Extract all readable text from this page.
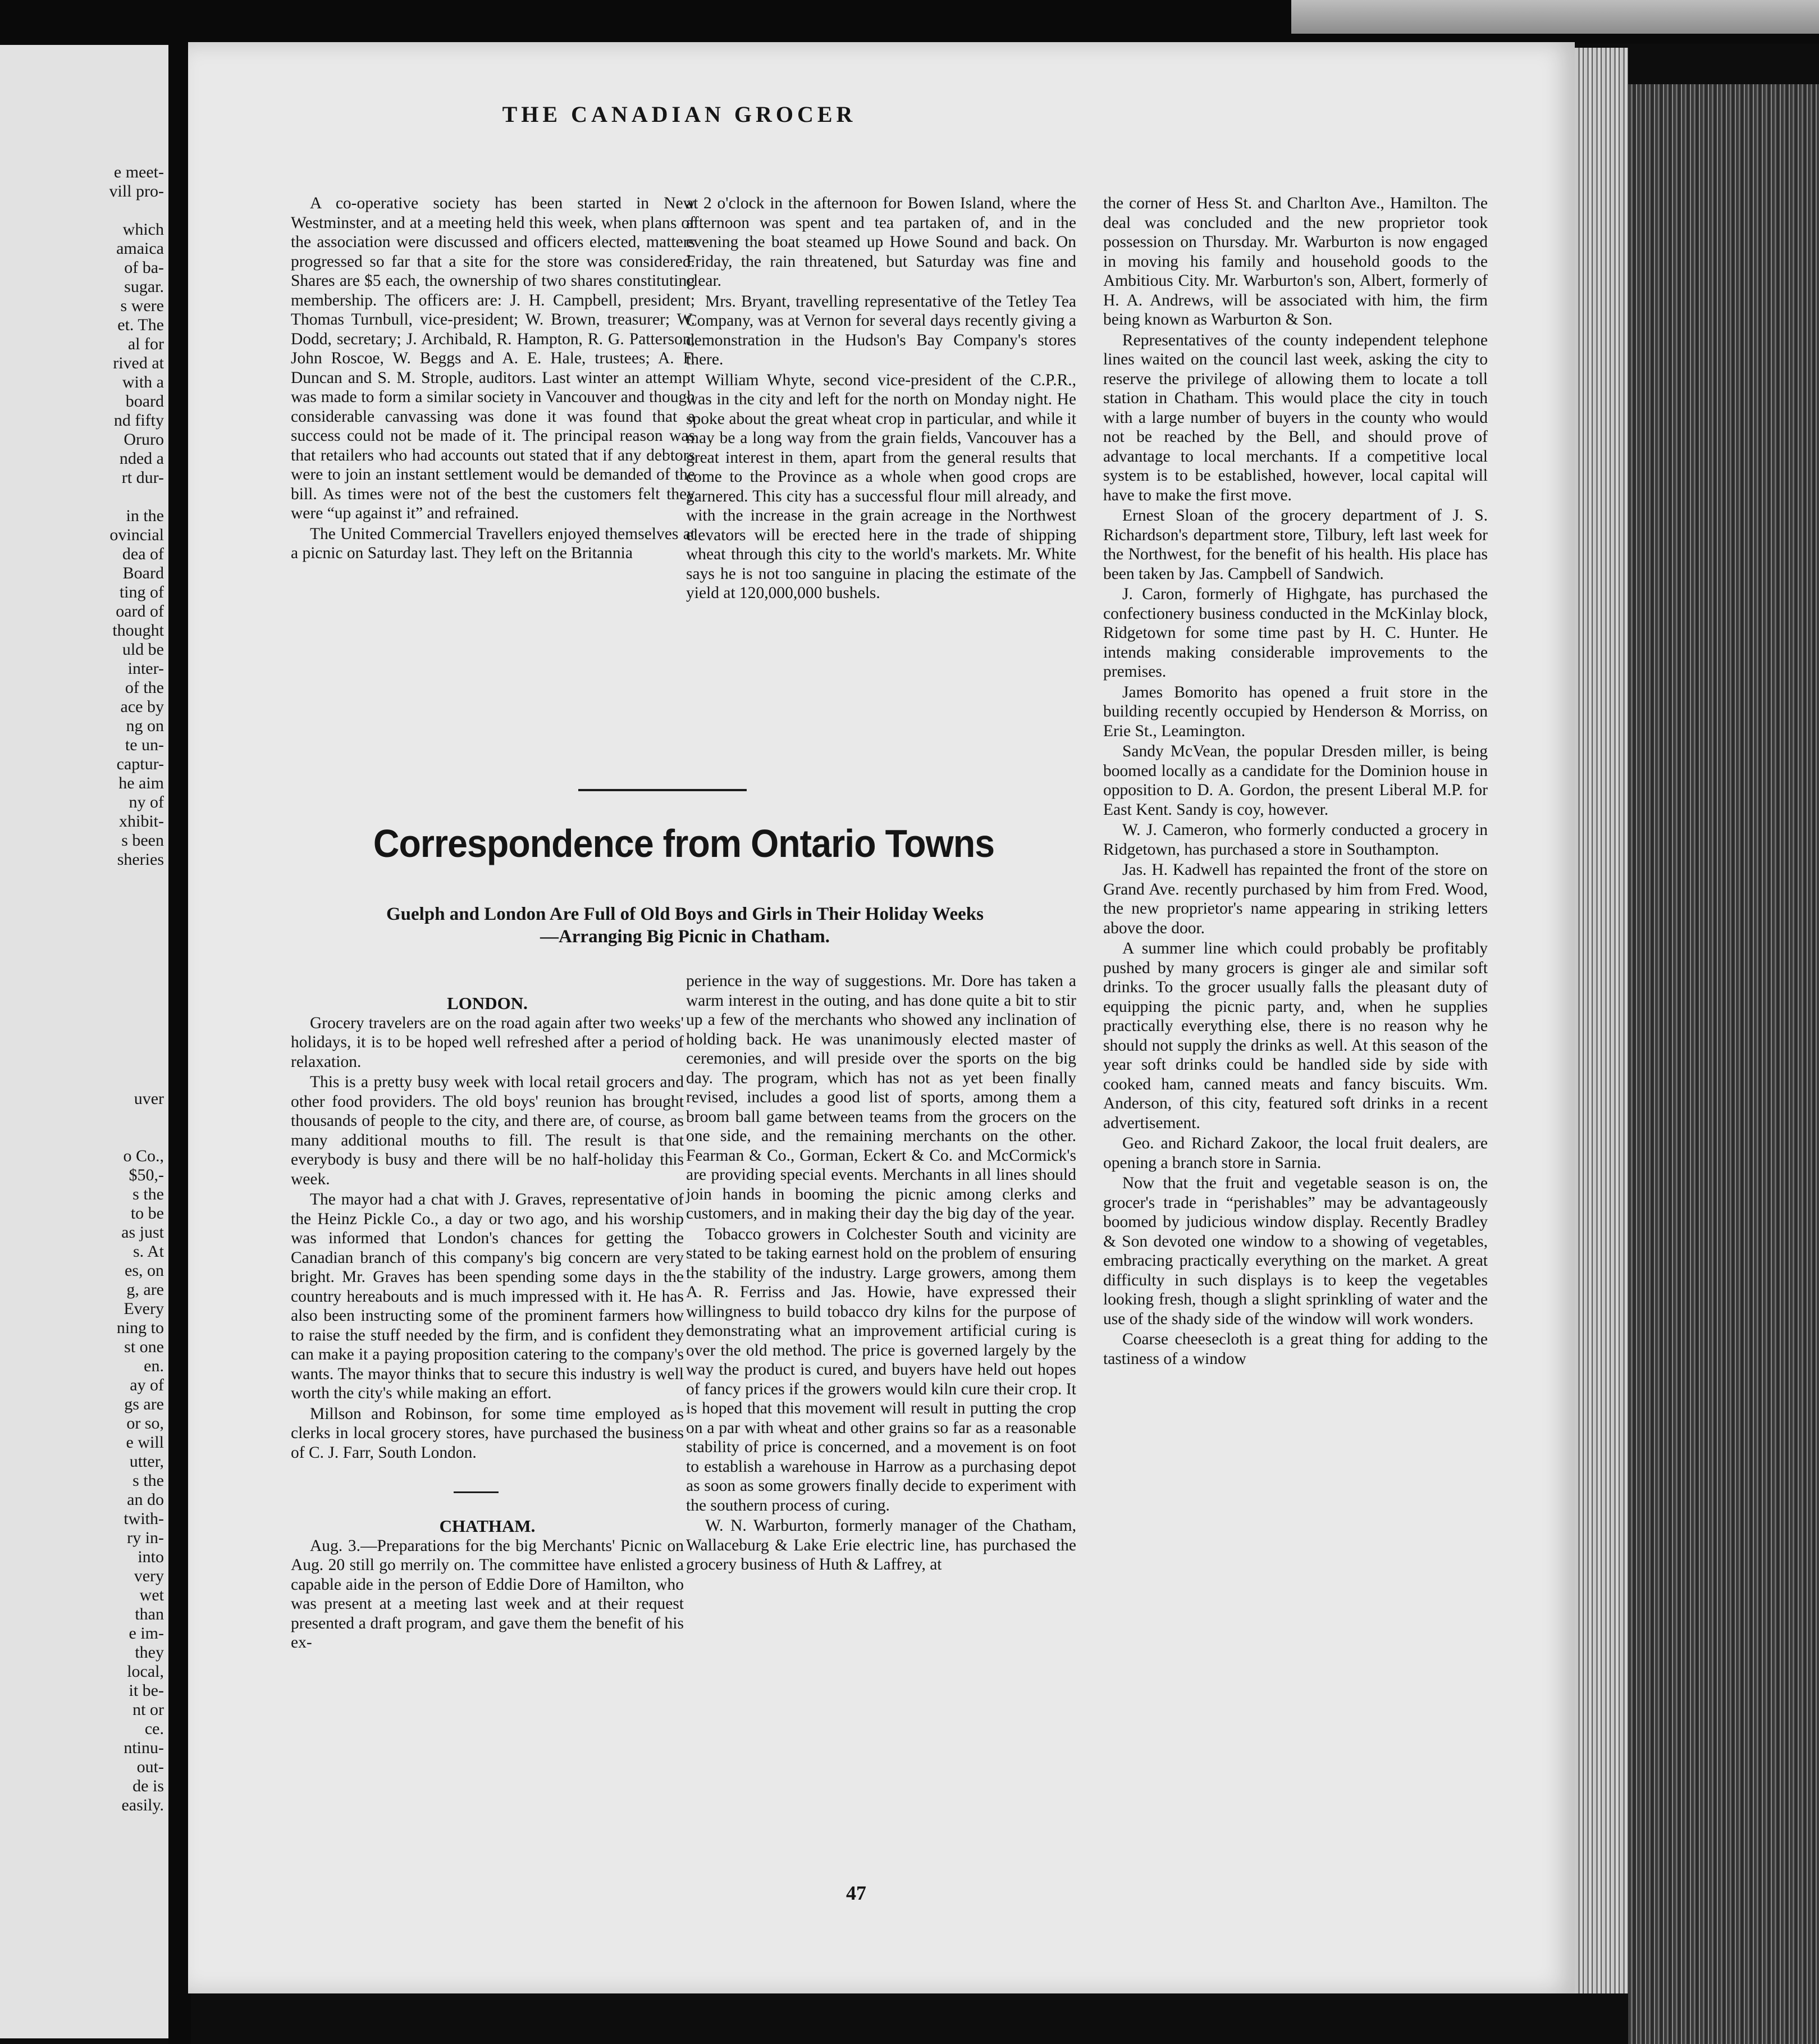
e meet-
vill pro-
which
amaica
of ba-
sugar.
s were
et. The
al for
rived at
with a
board
nd fifty
Oruro
nded a
rt dur-
in the
ovincial
dea of
Board
ting of
oard of
thought
uld be
inter-
of the
ace by
ng on
te un-
captur-
he aim
ny of
xhibit-
s been
sheries
uver
o Co.,
$50,-
s the
to be
as just
s. At
es, on
g, are
Every
ning to
st one
en.
ay of
gs are
or so,
e will
utter,
s the
an do
twith-
ry in-
into
very
wet
than
e im-
they
local,
it be-
nt or
ce.
ntinu-
out-
de is
easily.
THE CANADIAN GROCER

A co-operative society has been started in New Westminster, and at a meeting held this week, when plans of the association were discussed and officers elected, matters progressed so far that a site for the store was considered. Shares are $5 each, the ownership of two shares constituting membership. The officers are: J. H. Campbell, president; Thomas Turnbull, vice-president; W. Brown, treasurer; W. Dodd, secretary; J. Archibald, R. Hampton, R. G. Patterson, John Roscoe, W. Beggs and A. E. Hale, trustees; A. F. Duncan and S. M. Strople, auditors. Last winter an attempt was made to form a similar society in Vancouver and though considerable canvassing was done it was found that a success could not be made of it. The principal reason was that retailers who had accounts out stated that if any debtors were to join an instant settlement would be demanded of the bill. As times were not of the best the customers felt they were “up against it” and refrained.

The United Commercial Travellers enjoyed themselves at a picnic on Saturday last. They left on the Britannia

at 2 o'clock in the afternoon for Bowen Island, where the afternoon was spent and tea partaken of, and in the evening the boat steamed up Howe Sound and back. On Friday, the rain threatened, but Saturday was fine and clear.

Mrs. Bryant, travelling representative of the Tetley Tea Company, was at Vernon for several days recently giving a demonstration in the Hudson's Bay Company's stores there.

William Whyte, second vice-president of the C.P.R., was in the city and left for the north on Monday night. He spoke about the great wheat crop in particular, and while it may be a long way from the grain fields, Vancouver has a great interest in them, apart from the general results that come to the Province as a whole when good crops are garnered. This city has a successful flour mill already, and with the increase in the grain acreage in the Northwest elevators will be erected here in the trade of shipping wheat through this city to the world's markets. Mr. White says he is not too sanguine in placing the estimate of the yield at 120,000,000 bushels.

the corner of Hess St. and Charlton Ave., Hamilton. The deal was concluded and the new proprietor took possession on Thursday. Mr. Warburton is now engaged in moving his family and household goods to the Ambitious City. Mr. Warburton's son, Albert, formerly of H. A. Andrews, will be associated with him, the firm being known as Warburton & Son.

Representatives of the county independent telephone lines waited on the council last week, asking the city to reserve the privilege of allowing them to locate a toll station in Chatham. This would place the city in touch with a large number of buyers in the county who would not be reached by the Bell, and should prove of advantage to local merchants. If a competitive local system is to be established, however, local capital will have to make the first move.

Ernest Sloan of the grocery department of J. S. Richardson's department store, Tilbury, left last week for the Northwest, for the benefit of his health. His place has been taken by Jas. Campbell of Sandwich.

J. Caron, formerly of Highgate, has purchased the confectionery business conducted in the McKinlay block, Ridgetown for some time past by H. C. Hunter. He intends making considerable improvements to the premises.

James Bomorito has opened a fruit store in the building recently occupied by Henderson & Morriss, on Erie St., Leamington.

Sandy McVean, the popular Dresden miller, is being boomed locally as a candidate for the Dominion house in opposition to D. A. Gordon, the present Liberal M.P. for East Kent. Sandy is coy, however.

W. J. Cameron, who formerly conducted a grocery in Ridgetown, has purchased a store in Southampton.

Jas. H. Kadwell has repainted the front of the store on Grand Ave. recently purchased by him from Fred. Wood, the new proprietor's name appearing in striking letters above the door.

A summer line which could probably be profitably pushed by many grocers is ginger ale and similar soft drinks. To the grocer usually falls the pleasant duty of equipping the picnic party, and, when he supplies practically everything else, there is no reason why he should not supply the drinks as well. At this season of the year soft drinks could be handled side by side with cooked ham, canned meats and fancy biscuits. Wm. Anderson, of this city, featured soft drinks in a recent advertisement.

Geo. and Richard Zakoor, the local fruit dealers, are opening a branch store in Sarnia.

Now that the fruit and vegetable season is on, the grocer's trade in “perishables” may be advantageously boomed by judicious window display. Recently Bradley & Son devoted one window to a showing of vegetables, embracing practically everything on the market. A great difficulty in such displays is to keep the vegetables looking fresh, though a slight sprinkling of water and the use of the shady side of the window will work wonders.

Coarse cheesecloth is a great thing for adding to the tastiness of a window

Correspondence from Ontario Towns
Guelph and London Are Full of Old Boys and Girls in Their Holiday Weeks
—Arranging Big Picnic in Chatham.

LONDON.

Grocery travelers are on the road again after two weeks' holidays, it is to be hoped well refreshed after a period of relaxation.

This is a pretty busy week with local retail grocers and other food providers. The old boys' reunion has brought thousands of people to the city, and there are, of course, as many additional mouths to fill. The result is that everybody is busy and there will be no half-holiday this week.

The mayor had a chat with J. Graves, representative of the Heinz Pickle Co., a day or two ago, and his worship was informed that London's chances for getting the Canadian branch of this company's big concern are very bright. Mr. Graves has been spending some days in the country hereabouts and is much impressed with it. He has also been instructing some of the prominent farmers how to raise the stuff needed by the firm, and is confident they can make it a paying proposition catering to the company's wants. The mayor thinks that to secure this industry is well worth the city's while making an effort.

Millson and Robinson, for some time employed as clerks in local grocery stores, have purchased the business of C. J. Farr, South London.

CHATHAM.

Aug. 3.—Preparations for the big Merchants' Picnic on Aug. 20 still go merrily on. The committee have enlisted a capable aide in the person of Eddie Dore of Hamilton, who was present at a meeting last week and at their request presented a draft program, and gave them the benefit of his ex-

perience in the way of suggestions. Mr. Dore has taken a warm interest in the outing, and has done quite a bit to stir up a few of the merchants who showed any inclination of holding back. He was unanimously elected master of ceremonies, and will preside over the sports on the big day. The program, which has not as yet been finally revised, includes a good list of sports, among them a broom ball game between teams from the grocers on the one side, and the remaining merchants on the other. Fearman & Co., Gorman, Eckert & Co. and McCormick's are providing special events. Merchants in all lines should join hands in booming the picnic among clerks and customers, and in making their day the big day of the year.

Tobacco growers in Colchester South and vicinity are stated to be taking earnest hold on the problem of ensuring the stability of the industry. Large growers, among them A. R. Ferriss and Jas. Howie, have expressed their willingness to build tobacco dry kilns for the purpose of demonstrating what an improvement artificial curing is over the old method. The price is governed largely by the way the product is cured, and buyers have held out hopes of fancy prices if the growers would kiln cure their crop. It is hoped that this movement will result in putting the crop on a par with wheat and other grains so far as a reasonable stability of price is concerned, and a movement is on foot to establish a warehouse in Harrow as a purchasing depot as soon as some growers finally decide to experiment with the southern process of curing.

W. N. Warburton, formerly manager of the Chatham, Wallaceburg & Lake Erie electric line, has purchased the grocery business of Huth & Laffrey, at

47
